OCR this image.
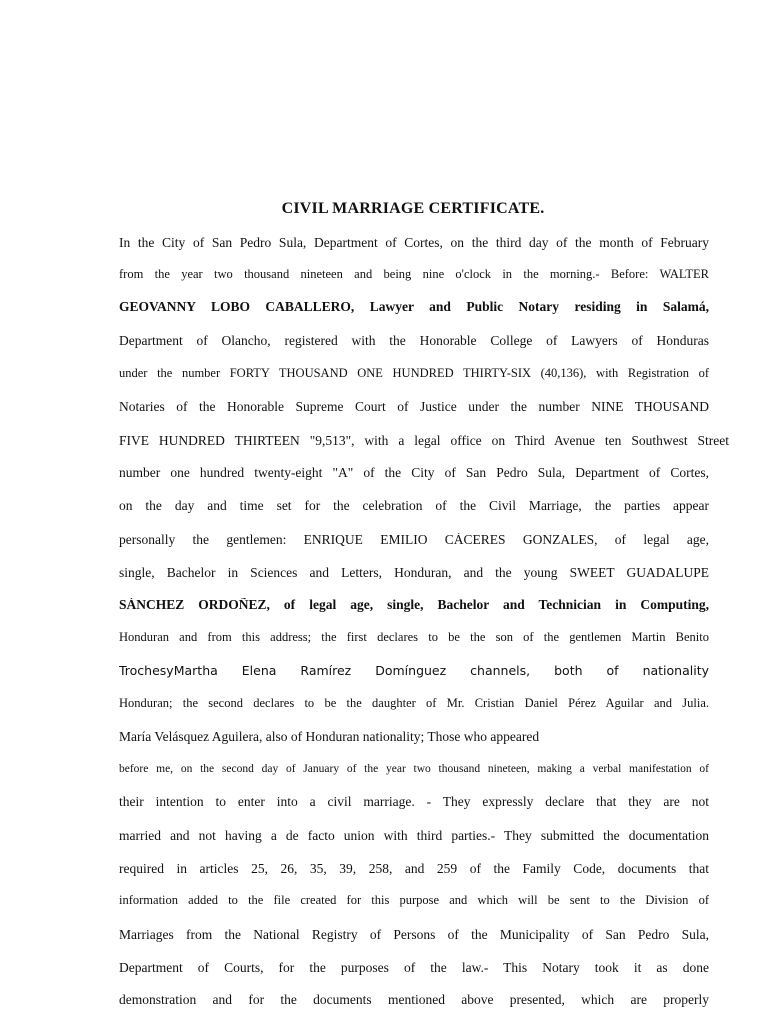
CIVIL MARRIAGE CERTIFICATE.

In the City of San Pedro Sula, Department of Cortes, on the third day of the month of February

from the year two thousand nineteen and being nine o'clock in the morning.- Before: WALTER

GEOVANNY LOBO CABALLERO, Lawyer and Public Notary residing in Salamá,

Department of Olancho, registered with the Honorable College of Lawyers of Honduras

under the number FORTY THOUSAND ONE HUNDRED THIRTY-SIX (40,136), with Registration of

Notaries of the Honorable Supreme Court of Justice under the number NINE THOUSAND

FIVE HUNDRED THIRTEEN "9,513", with a legal office on Third Avenue ten Southwest Street

number one hundred twenty-eight "A" of the City of San Pedro Sula, Department of Cortes,

on the day and time set for the celebration of the Civil Marriage, the parties appear

personally the gentlemen: ENRIQUE EMILIO CÁCERES GONZALES, of legal age,

single, Bachelor in Sciences and Letters, Honduran, and the young SWEET GUADALUPE

SÁNCHEZ ORDOÑEZ, of legal age, single, Bachelor and Technician in Computing,

Honduran and from this address; the first declares to be the son of the gentlemen Martin Benito

TrochesyMartha Elena Ramírez Domínguez channels, both of nationality

Honduran; the second declares to be the daughter of Mr. Cristian Daniel Pérez Aguilar and Julia.

María Velásquez Aguilera, also of Honduran nationality; Those who appeared

before me, on the second day of January of the year two thousand nineteen, making a verbal manifestation of

their intention to enter into a civil marriage. - They expressly declare that they are not

married and not having a de facto union with third parties.- They submitted the documentation

required in articles 25, 26, 35, 39, 258, and 259 of the Family Code, documents that

information added to the file created for this purpose and which will be sent to the Division of

Marriages from the National Registry of Persons of the Municipality of San Pedro Sula,

Department of Courts, for the purposes of the law.- This Notary took it as done

demonstration and for the documents mentioned above presented, which are properly
